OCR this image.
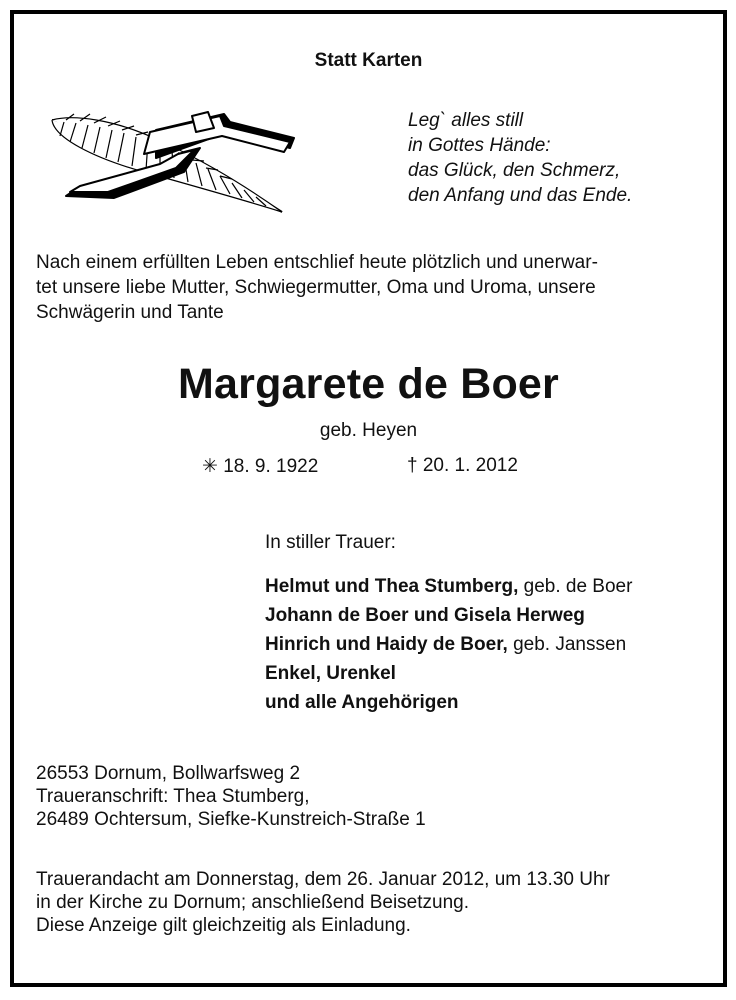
Statt Karten
Leg` alles still
in Gottes Hände:
das Glück, den Schmerz,
den Anfang und das Ende.
Nach einem erfüllten Leben entschlief heute plötzlich und unerwar-
tet unsere liebe Mutter, Schwiegermutter, Oma und Uroma, unsere
Schwägerin und Tante
Margarete de Boer
geb. Heyen
✳ 18. 9. 1922	† 20. 1. 2012
In stiller Trauer:
Helmut und Thea Stumberg, geb. de Boer
Johann de Boer und Gisela Herweg
Hinrich und Haidy de Boer, geb. Janssen
Enkel, Urenkel
und alle Angehörigen
26553 Dornum, Bollwarfsweg 2
Traueranschrift: Thea Stumberg,
26489 Ochtersum, Siefke-Kunstreich-Straße 1
Trauerandacht am Donnerstag, dem 26. Januar 2012, um 13.30 Uhr
in der Kirche zu Dornum; anschließend Beisetzung.
Diese Anzeige gilt gleichzeitig als Einladung.
